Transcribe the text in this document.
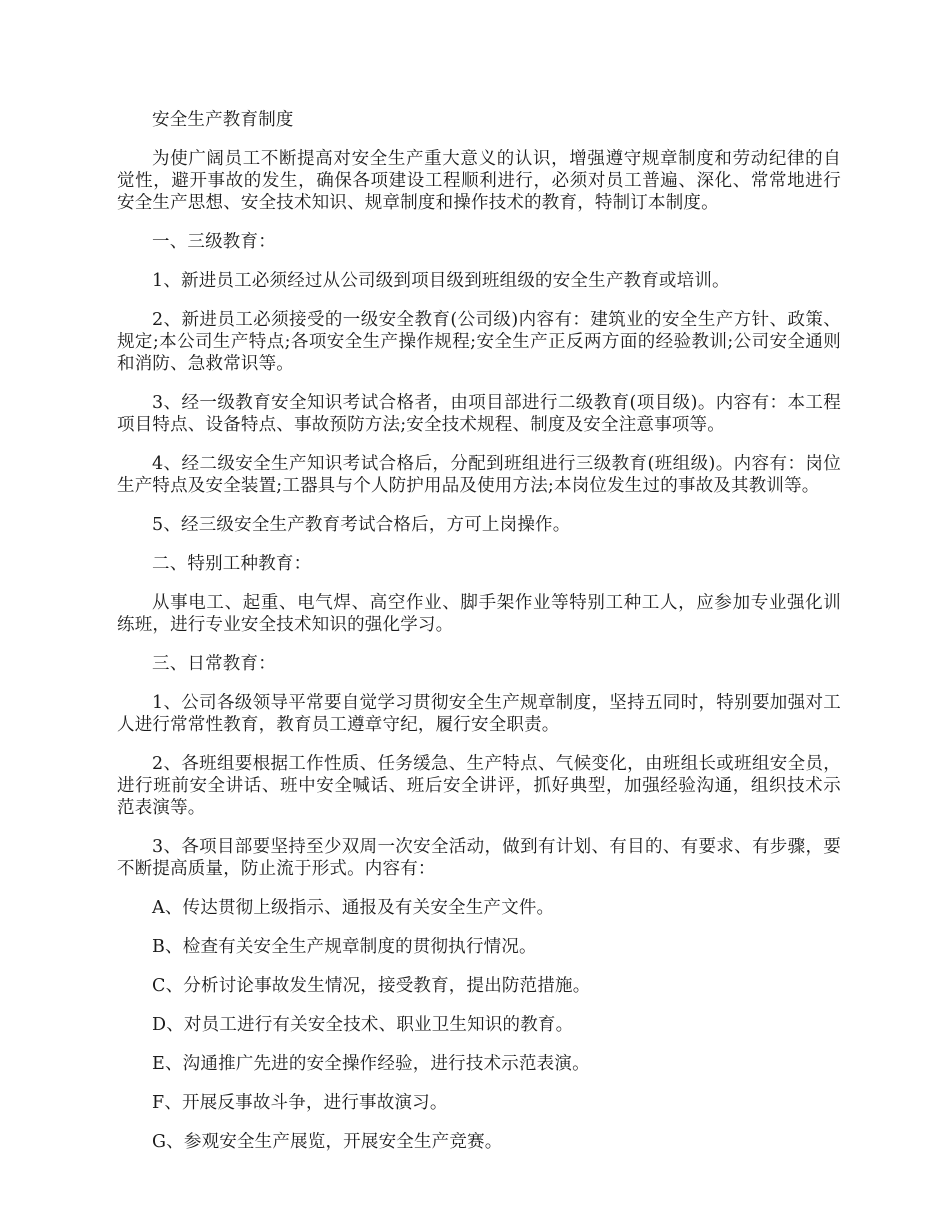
安全生产教育制度

为使广阔员工不断提高对安全生产重大意义的认识，增强遵守规章制度和劳动纪律的自觉性，避开事故的发生，确保各项建设工程顺利进行，必须对员工普遍、深化、常常地进行安全生产思想、安全技术知识、规章制度和操作技术的教育，特制订本制度。

一、三级教育：

1、新进员工必须经过从公司级到项目级到班组级的安全生产教育或培训。

2、新进员工必须接受的一级安全教育(公司级)内容有：建筑业的安全生产方针、政策、规定;本公司生产特点;各项安全生产操作规程;安全生产正反两方面的经验教训;公司安全通则和消防、急救常识等。

3、经一级教育安全知识考试合格者，由项目部进行二级教育(项目级)。内容有：本工程项目特点、设备特点、事故预防方法;安全技术规程、制度及安全注意事项等。

4、经二级安全生产知识考试合格后，分配到班组进行三级教育(班组级)。内容有：岗位生产特点及安全装置;工器具与个人防护用品及使用方法;本岗位发生过的事故及其教训等。

5、经三级安全生产教育考试合格后，方可上岗操作。

二、特别工种教育：

从事电工、起重、电气焊、高空作业、脚手架作业等特别工种工人，应参加专业强化训练班，进行专业安全技术知识的强化学习。

三、日常教育：

1、公司各级领导平常要自觉学习贯彻安全生产规章制度，坚持五同时，特别要加强对工人进行常常性教育，教育员工遵章守纪，履行安全职责。

2、各班组要根据工作性质、任务缓急、生产特点、气候变化，由班组长或班组安全员，进行班前安全讲话、班中安全喊话、班后安全讲评，抓好典型，加强经验沟通，组织技术示范表演等。

3、各项目部要坚持至少双周一次安全活动，做到有计划、有目的、有要求、有步骤，要不断提高质量，防止流于形式。内容有：

A、传达贯彻上级指示、通报及有关安全生产文件。

B、检查有关安全生产规章制度的贯彻执行情况。

C、分析讨论事故发生情况，接受教育，提出防范措施。

D、对员工进行有关安全技术、职业卫生知识的教育。

E、沟通推广先进的安全操作经验，进行技术示范表演。

F、开展反事故斗争，进行事故演习。

G、参观安全生产展览，开展安全生产竞赛。
